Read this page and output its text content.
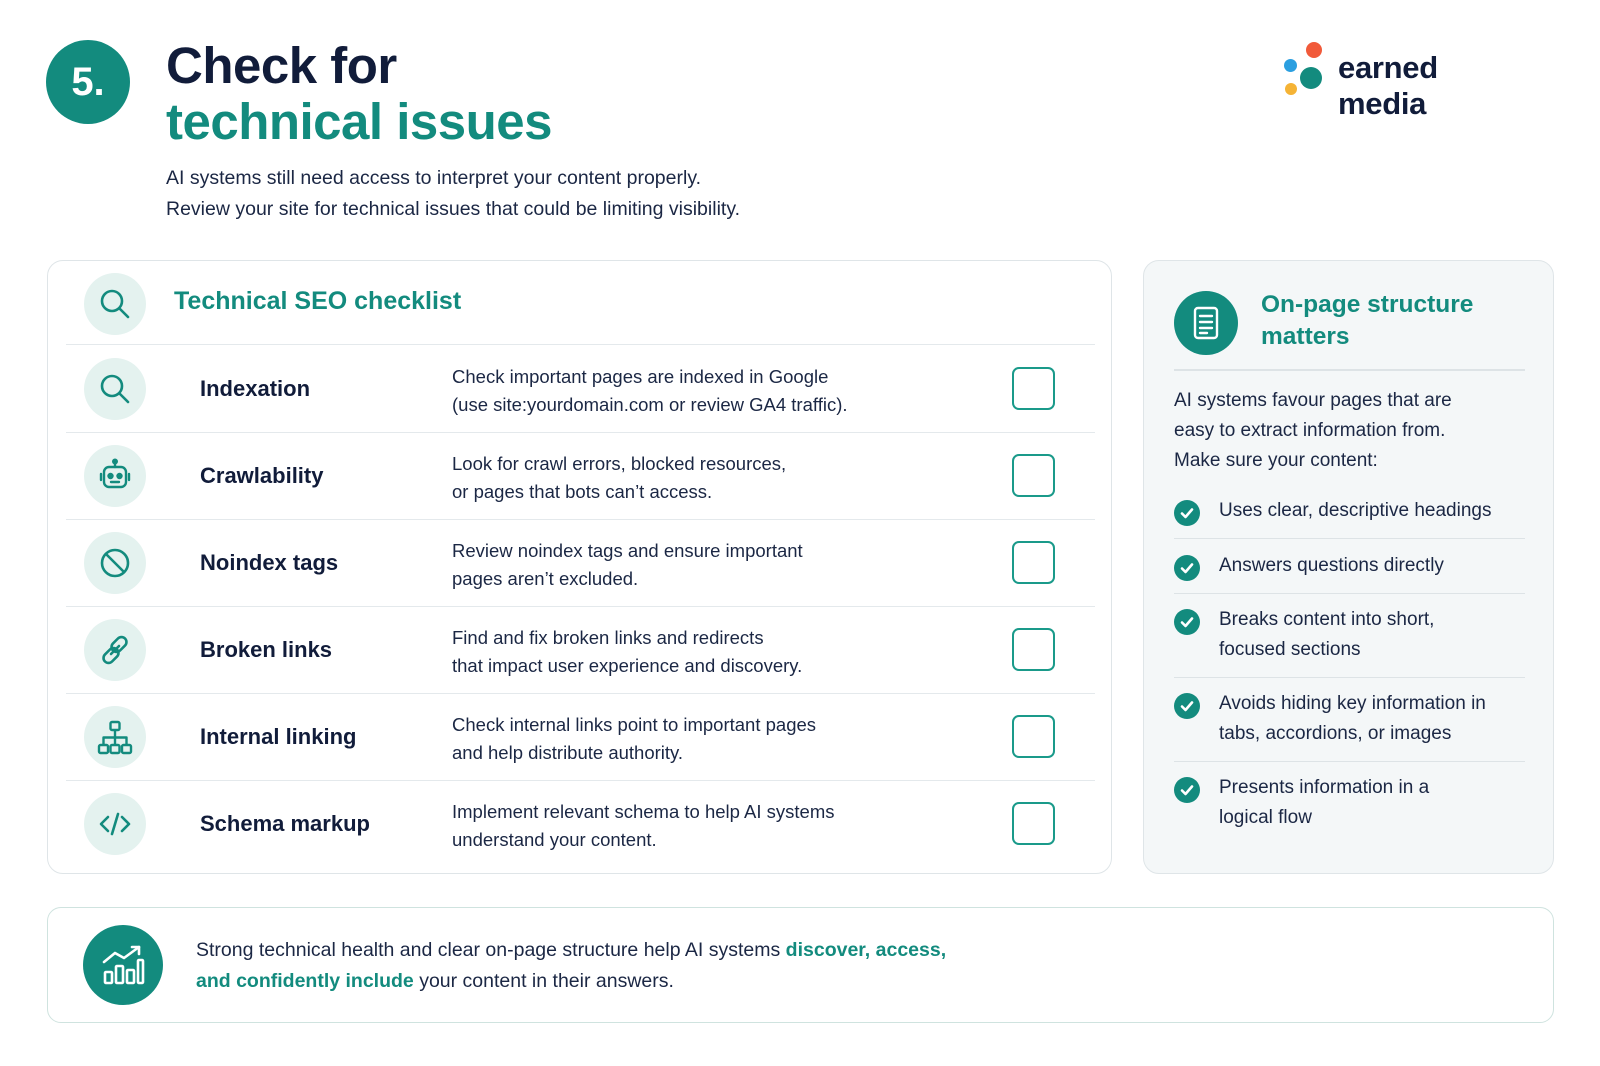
5.	Check for
technical issues

AI systems still need access to interpret your content properly.
Review your site for technical issues that could be limiting visibility.

earned media
Technical SEO checklist
Indexation	Check important pages are indexed in Google
(use site:yourdomain.com or review GA4 traffic).
Crawlability	Look for crawl errors, blocked resources,
or pages that bots can’t access.
Noindex tags	Review noindex tags and ensure important
pages aren’t excluded.
Broken links	Find and fix broken links and redirects
that impact user experience and discovery.
Internal linking	Check internal links point to important pages
and help distribute authority.
Schema markup	Implement relevant schema to help AI systems
understand your content.
On-page structure matters

AI systems favour pages that are
easy to extract information from.
Make sure your content:

Uses clear, descriptive headings
Answers questions directly
Breaks content into short, focused sections
Avoids hiding key information in tabs, accordions, or images
Presents information in a logical flow

Strong technical health and clear on-page structure help AI systems discover, access,
and confidently include your content in their answers.
